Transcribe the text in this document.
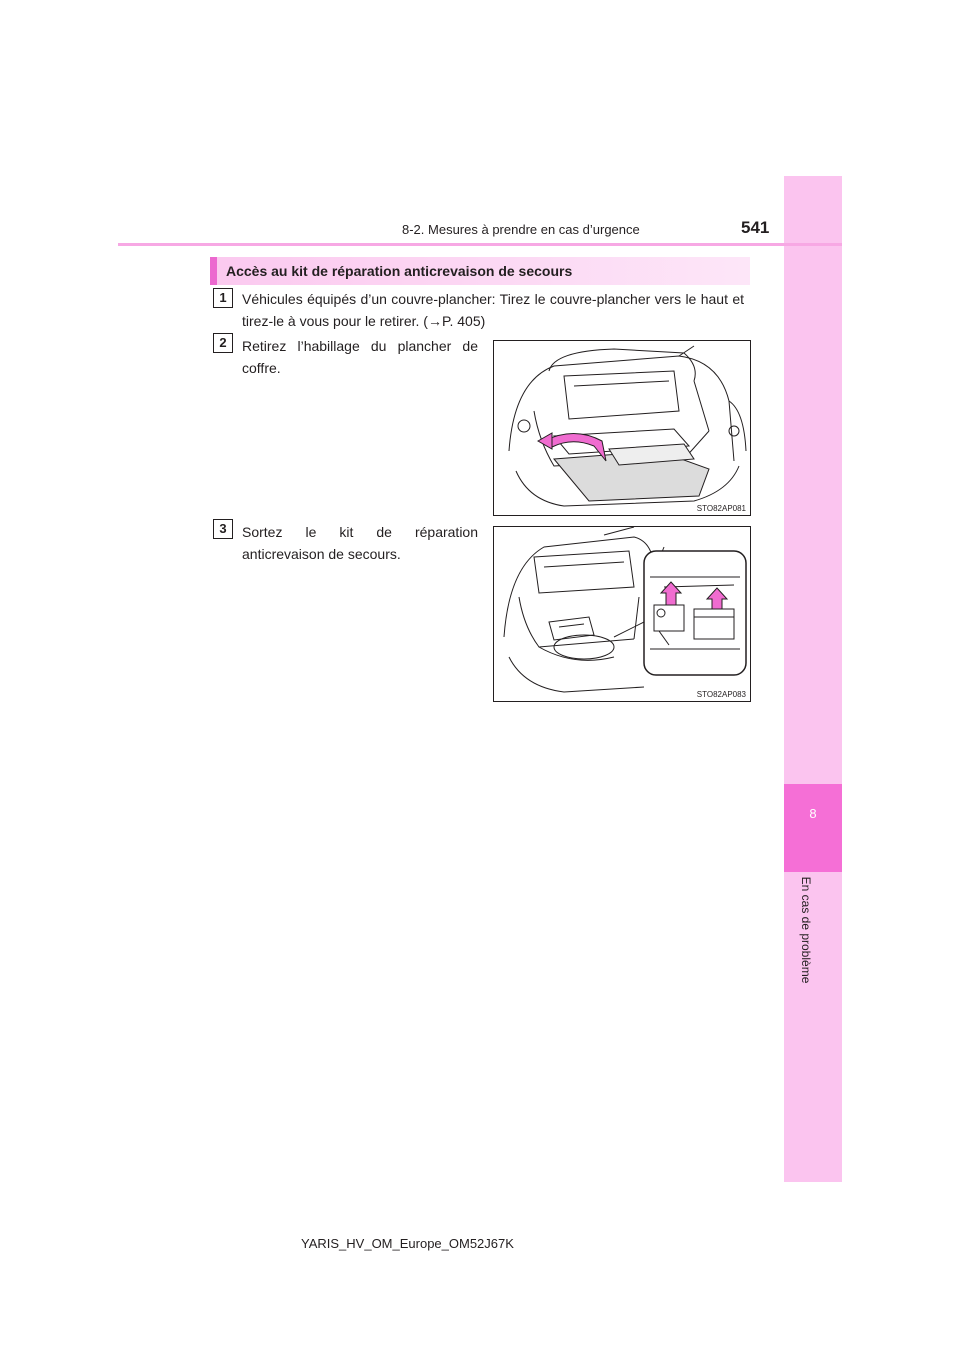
8
En cas de problème
8-2. Mesures à prendre en cas d’urgence	541
Accès au kit de réparation anticrevaison de secours
1	Véhicules équipés d’un couvre-plancher: Tirez le couvre-plancher vers le haut et tirez-le à vous pour le retirer. (→P. 405)
2	Retirez l’habillage du plancher de coffre.
STO82AP081
3	Sortez le kit de réparation anticrevaison de secours.
STO82AP083
YARIS_HV_OM_Europe_OM52J67K
